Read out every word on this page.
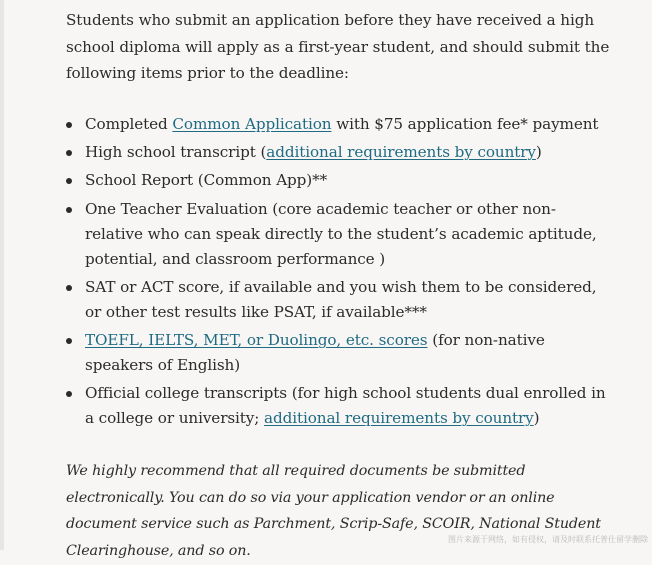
Students who submit an application before they have received a high school diploma will apply as a first-year student, and should submit the following items prior to the deadline:

Completed Common Application with $75 application fee* payment
High school transcript (additional requirements by country)
School Report (Common App)**
One Teacher Evaluation (core academic teacher or other non-relative who can speak directly to the student’s academic aptitude, potential, and classroom performance )
SAT or ACT score, if available and you wish them to be considered, or other test results like PSAT, if available***
TOEFL, IELTS, MET, or Duolingo, etc. scores (for non-native speakers of English)
Official college transcripts (for high school students dual enrolled in a college or university; additional requirements by country)

We highly recommend that all required documents be submitted electronically. You can do so via your application vendor or an online document service such as Parchment, Scrip-Safe, SCOIR, National Student Clearinghouse, and so on.

图片来源于网络，如有侵权，请及时联系托普仕留学删除
